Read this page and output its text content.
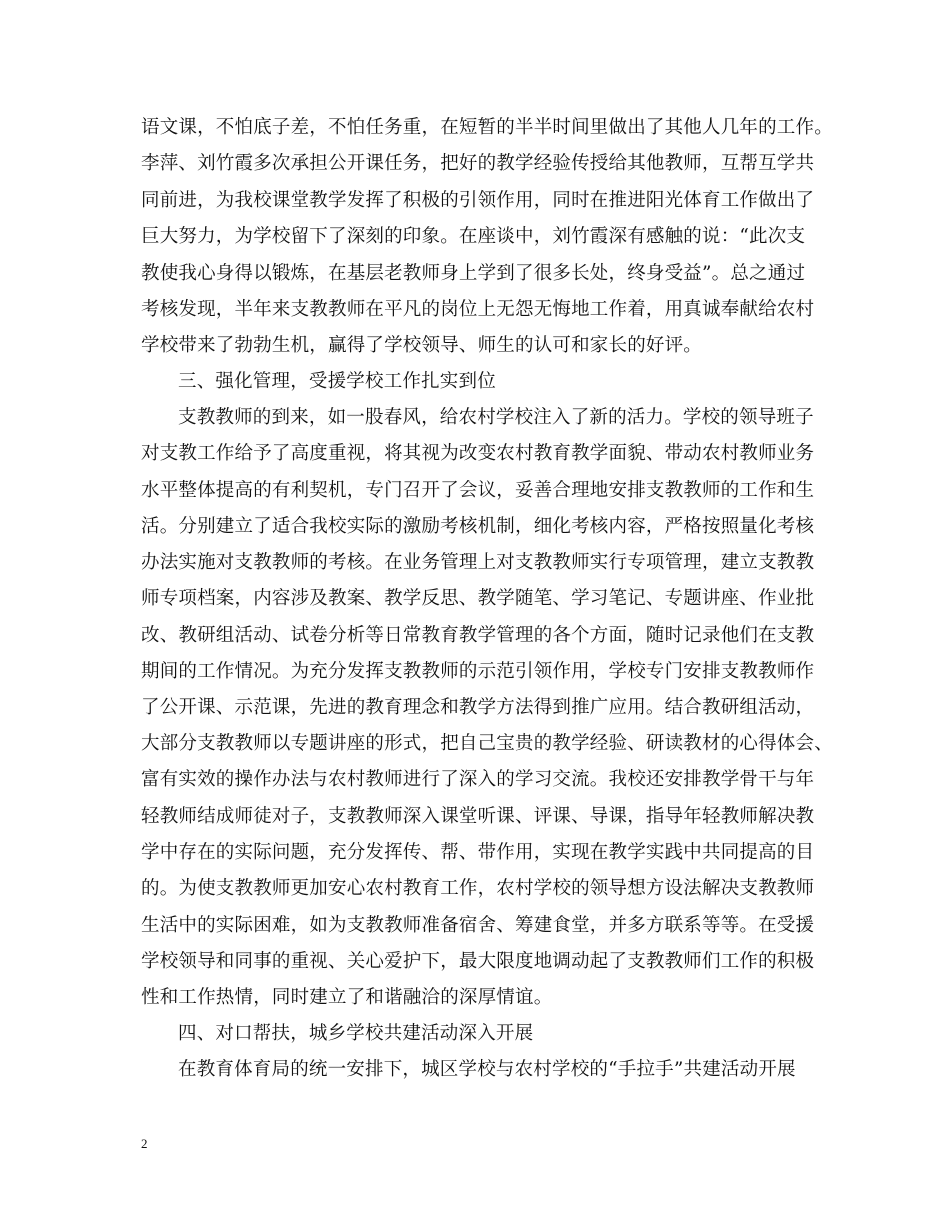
语文课，不怕底子差，不怕任务重，在短暂的半半时间里做出了其他人几年的工作。
李萍、刘竹霞多次承担公开课任务，把好的教学经验传授给其他教师，互帮互学共
同前进，为我校课堂教学发挥了积极的引领作用，同时在推进阳光体育工作做出了
巨大努力，为学校留下了深刻的印象。在座谈中，刘竹霞深有感触的说：“此次支
教使我心身得以锻炼，在基层老教师身上学到了很多长处，终身受益”。总之通过
考核发现，半年来支教教师在平凡的岗位上无怨无悔地工作着，用真诚奉献给农村
学校带来了勃勃生机，赢得了学校领导、师生的认可和家长的好评。
三、强化管理，受援学校工作扎实到位
支教教师的到来，如一股春风，给农村学校注入了新的活力。学校的领导班子
对支教工作给予了高度重视，将其视为改变农村教育教学面貌、带动农村教师业务
水平整体提高的有利契机，专门召开了会议，妥善合理地安排支教教师的工作和生
活。分别建立了适合我校实际的激励考核机制，细化考核内容，严格按照量化考核
办法实施对支教教师的考核。在业务管理上对支教教师实行专项管理，建立支教教
师专项档案，内容涉及教案、教学反思、教学随笔、学习笔记、专题讲座、作业批
改、教研组活动、试卷分析等日常教育教学管理的各个方面，随时记录他们在支教
期间的工作情况。为充分发挥支教教师的示范引领作用，学校专门安排支教教师作
了公开课、示范课，先进的教育理念和教学方法得到推广应用。结合教研组活动，
大部分支教教师以专题讲座的形式，把自己宝贵的教学经验、研读教材的心得体会、
富有实效的操作办法与农村教师进行了深入的学习交流。我校还安排教学骨干与年
轻教师结成师徒对子，支教教师深入课堂听课、评课、导课，指导年轻教师解决教
学中存在的实际问题，充分发挥传、帮、带作用，实现在教学实践中共同提高的目
的。为使支教教师更加安心农村教育工作，农村学校的领导想方设法解决支教教师
生活中的实际困难，如为支教教师准备宿舍、筹建食堂，并多方联系等等。在受援
学校领导和同事的重视、关心爱护下，最大限度地调动起了支教教师们工作的积极
性和工作热情，同时建立了和谐融洽的深厚情谊。
四、对口帮扶，城乡学校共建活动深入开展
在教育体育局的统一安排下，城区学校与农村学校的“手拉手”共建活动开展
2
